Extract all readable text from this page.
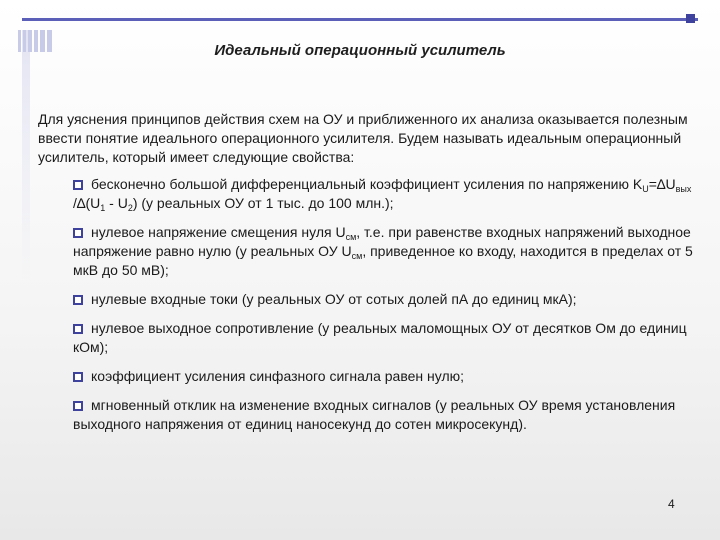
Идеальный операционный усилитель

Для уяснения принципов действия схем на ОУ и приближенного их анализа оказывается полезным ввести понятие идеального операционного усилителя. Будем называть идеальным операционный усилитель, который имеет следующие свойства:

бесконечно большой дифференциальный коэффициент усиления по напряжению $K_U=\Delta U_{вых}$ $/\Delta(U_1 - U_2)$ (у реальных ОУ от 1 тыс. до 100 млн.);
нулевое напряжение смещения нуля $U_{см}$, т.е. при равенстве входных напряжений выходное напряжение равно нулю (у реальных ОУ $U_{см}$, приведенное ко входу, находится в пределах от 5 мкВ до 50 мВ);
нулевые входные токи (у реальных ОУ от сотых долей пА до единиц мкА);
нулевое выходное сопротивление (у реальных маломощных ОУ от десятков Ом до единиц кОм);
коэффициент усиления синфазного сигнала равен нулю;
мгновенный отклик на изменение входных сигналов (у реальных ОУ время установления выходного напряжения от единиц наносекунд до сотен микросекунд).

4
